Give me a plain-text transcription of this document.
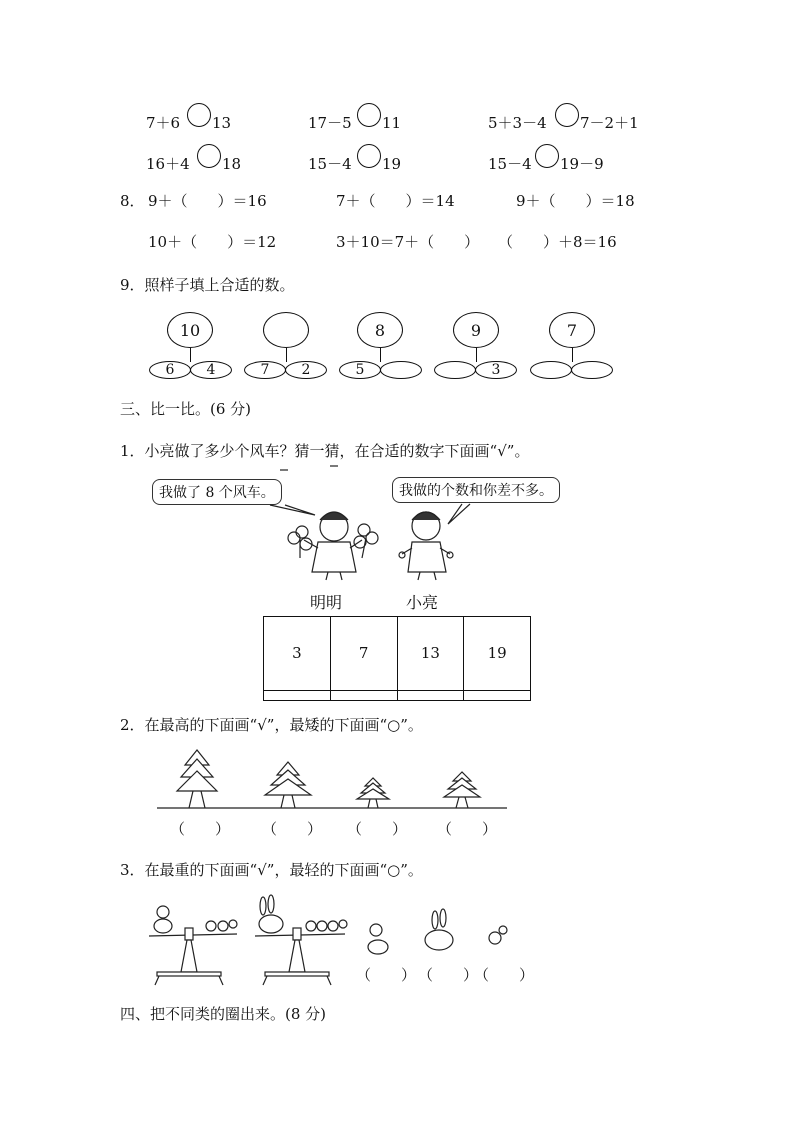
7＋6 13	17－5 11	5＋3－4 7－2＋1
16＋4 18	15－4 19	15－4 19－9
8． 9＋（　　）＝16	7＋（　　）＝14	9＋（　　）＝18
10＋（　　）＝12	3＋10＝7＋（　　） （　　）＋8＝16
9．照样子填上合适的数。
10
6	4	7	2
8
5
9
3
7
三、比一比。(6 分)
1．小亮做了多少个风车？猜一猜，在合适的数字下面画“√”。
我做了 8 个风车。	我做的个数和你差不多。
明明	小亮
3	7	13	19

2．在最高的下面画“√”，最矮的下面画“○”。
（　　） （　　） （　　） （　　）
3．在最重的下面画“√”，最轻的下面画“○”。
（　　） （　　）
（　　）
四、把不同类的圈出来。(8 分)
